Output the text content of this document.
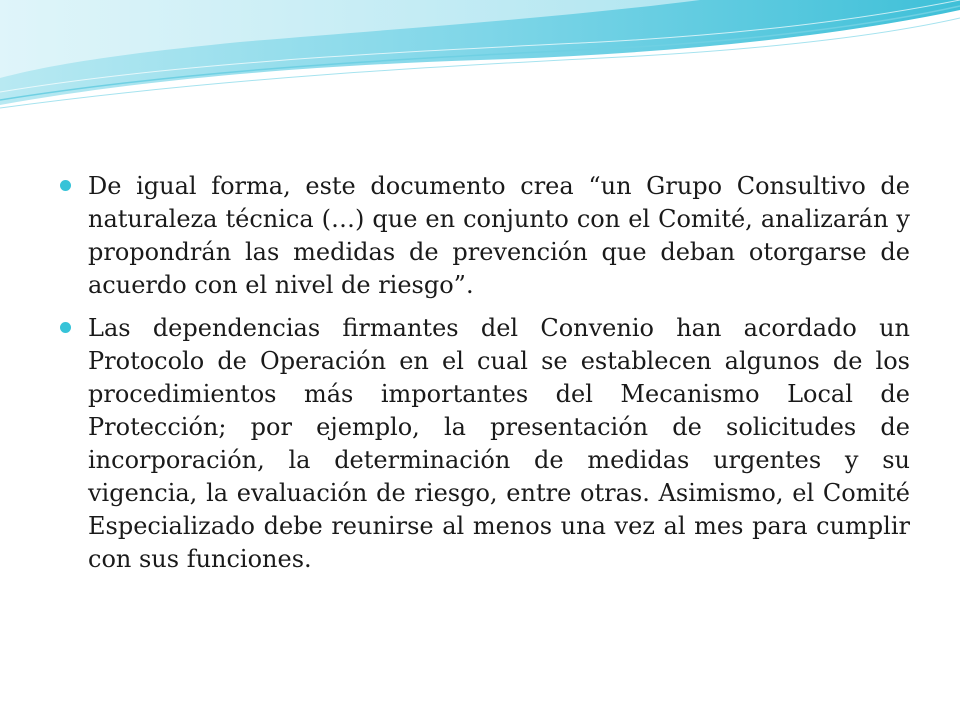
De igual forma, este documento crea “un Grupo Consultivo de naturaleza técnica (…) que en conjunto con el Comité, analizarán y propondrán las medidas de prevención que deban otorgarse de acuerdo con el nivel de riesgo”.
Las dependencias firmantes del Convenio han acordado un Protocolo de Operación en el cual se establecen algunos de los procedimientos más importantes del Mecanismo Local de Protección; por ejemplo, la presentación de solicitudes de incorporación, la determinación de medidas urgentes y su vigencia, la evaluación de riesgo, entre otras. Asimismo, el Comité Especializado debe reunirse al menos una vez al mes para cumplir con sus funciones.
